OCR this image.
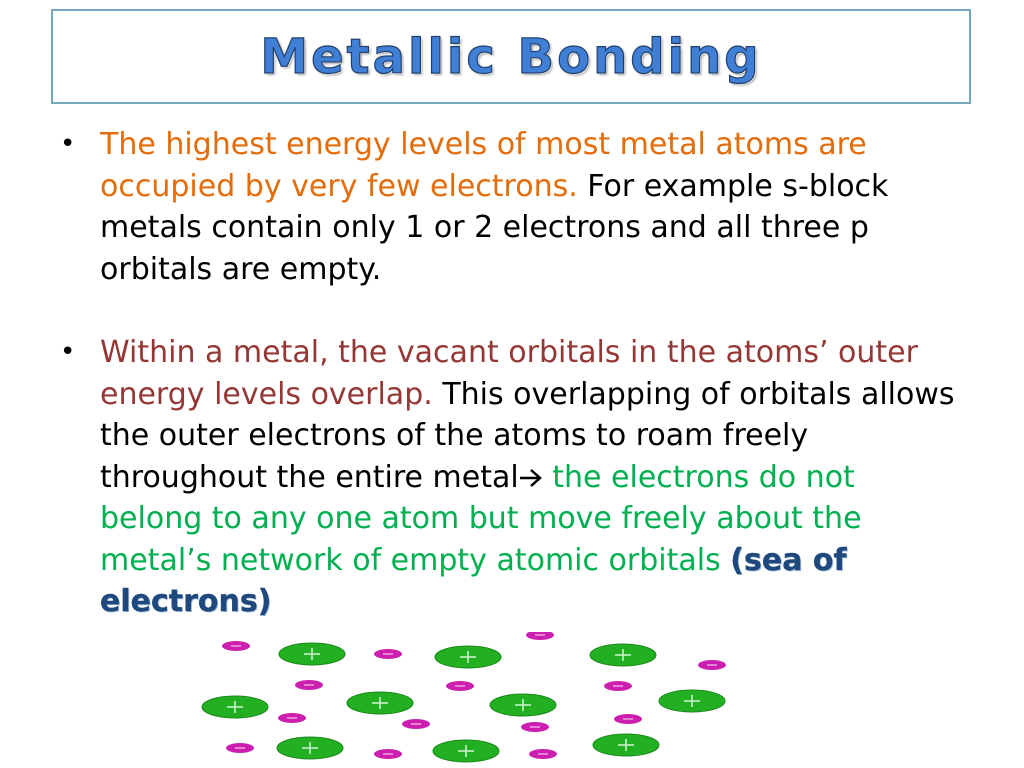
Metallic Bonding
• The highest energy levels of most metal atoms are occupied by very few electrons. For example s-block metals contain only 1 or 2 electrons and all three p orbitals are empty.
• Within a metal, the vacant orbitals in the atoms’ outer energy levels overlap. This overlapping of orbitals allows the outer electrons of the atoms to roam freely throughout the entire metal the electrons do not belong to any one atom but move freely about the metal’s network of empty atomic orbitals (sea of electrons)
